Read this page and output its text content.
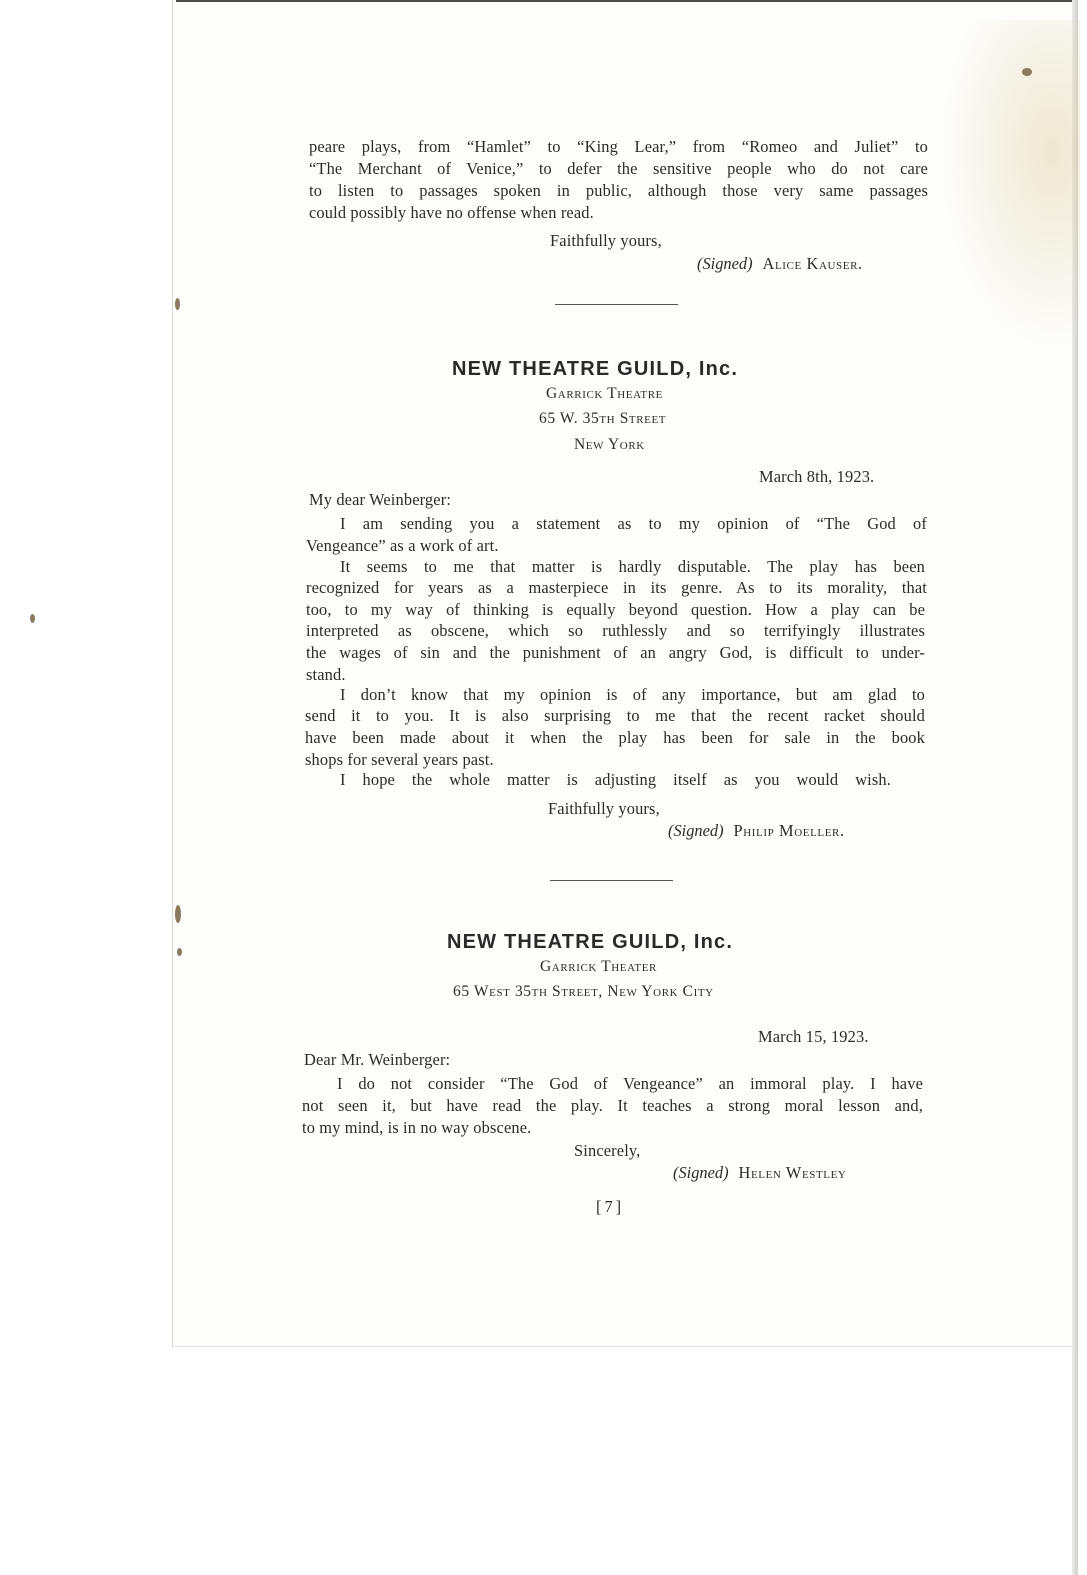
peare plays, from “Hamlet” to “King Lear,” from “Romeo and Juliet” to
“The Merchant of Venice,” to defer the sensitive people who do not care
to listen to passages spoken in public, although those very same passages
could possibly have no offense when read.
Faithfully yours,
(Signed) Alice Kauser.
NEW THEATRE GUILD, Inc.
Garrick Theatre
65 W. 35th Street
New York
March 8th, 1923.
My dear Weinberger:
I am sending you a statement as to my opinion of “The God of
Vengeance” as a work of art.
It seems to me that matter is hardly disputable. The play has been
recognized for years as a masterpiece in its genre. As to its morality, that
too, to my way of thinking is equally beyond question. How a play can be
interpreted as obscene, which so ruthlessly and so terrifyingly illustrates
the wages of sin and the punishment of an angry God, is difficult to under-
stand.
I don’t know that my opinion is of any importance, but am glad to
send it to you. It is also surprising to me that the recent racket should
have been made about it when the play has been for sale in the book
shops for several years past.
I hope the whole matter is adjusting itself as you would wish.
Faithfully yours,
(Signed) Philip Moeller.
NEW THEATRE GUILD, Inc.
Garrick Theater
65 West 35th Street, New York City
March 15, 1923.
Dear Mr. Weinberger:
I do not consider “The God of Vengeance” an immoral play. I have
not seen it, but have read the play. It teaches a strong moral lesson and,
to my mind, is in no way obscene.
Sincerely,
(Signed) Helen Westley
[7]
